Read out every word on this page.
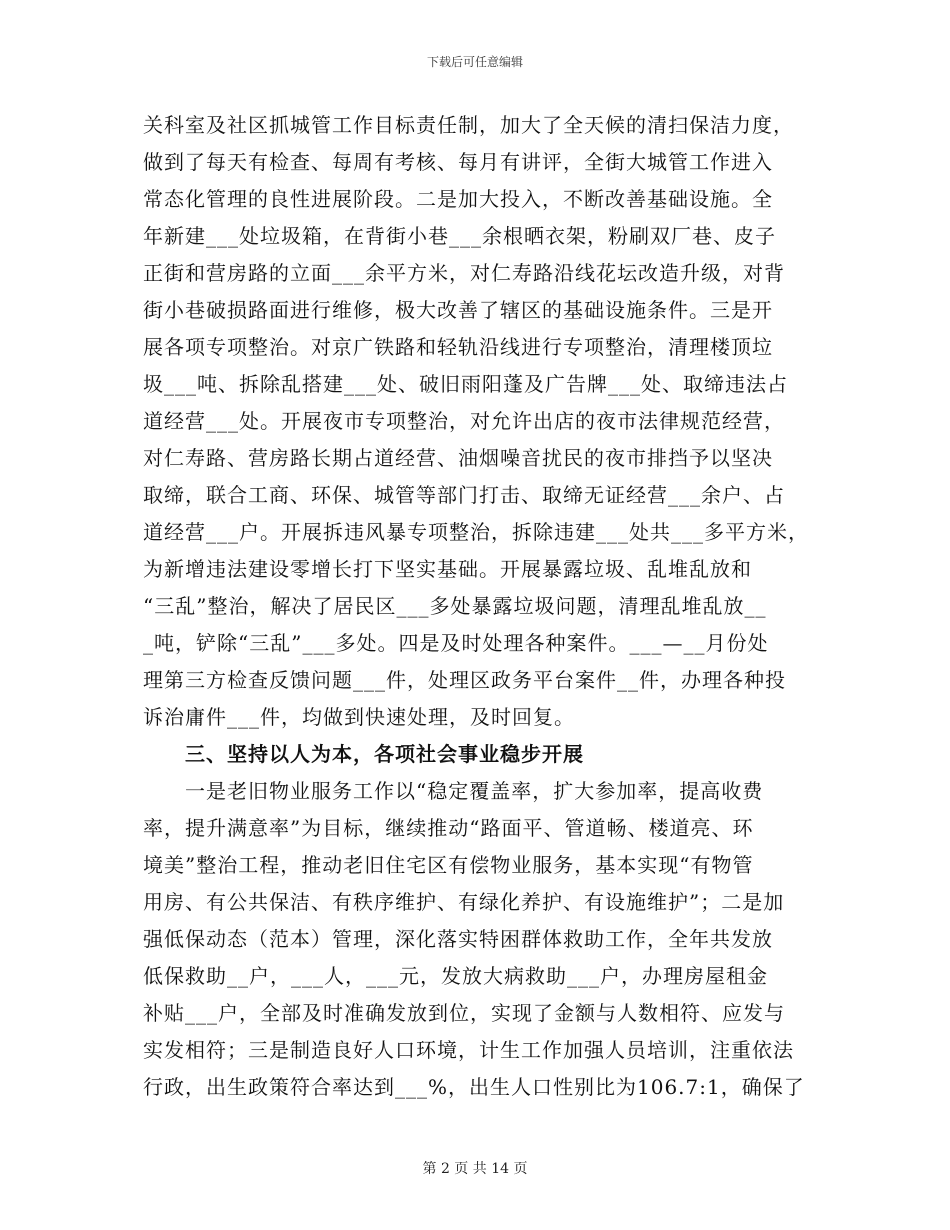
下载后可任意编辑
关科室及社区抓城管工作目标责任制，加大了全天候的清扫保洁力度，
做到了每天有检查、每周有考核、每月有讲评，全街大城管工作进入
常态化管理的良性进展阶段。二是加大投入，不断改善基础设施。全
年新建___处垃圾箱，在背街小巷___余根晒衣架，粉刷双厂巷、皮子
正街和营房路的立面___余平方米，对仁寿路沿线花坛改造升级，对背
街小巷破损路面进行维修，极大改善了辖区的基础设施条件。三是开
展各项专项整治。对京广铁路和轻轨沿线进行专项整治，清理楼顶垃
圾___吨、拆除乱搭建___处、破旧雨阳蓬及广告牌___处、取缔违法占
道经营___处。开展夜市专项整治，对允许出店的夜市法律规范经营，
对仁寿路、营房路长期占道经营、油烟噪音扰民的夜市排挡予以坚决
取缔，联合工商、环保、城管等部门打击、取缔无证经营___余户、占
道经营___户。开展拆违风暴专项整治，拆除违建___处共___多平方米，
为新增违法建设零增长打下坚实基础。开展暴露垃圾、乱堆乱放和
“三乱”整治，解决了居民区___多处暴露垃圾问题，清理乱堆乱放__
_吨，铲除“三乱”___多处。四是及时处理各种案件。___—__月份处
理第三方检查反馈问题___件，处理区政务平台案件__件，办理各种投
诉治庸件___件，均做到快速处理，及时回复。
三、坚持以人为本，各项社会事业稳步开展
一是老旧物业服务工作以“稳定覆盖率，扩大参加率，提高收费
率，提升满意率”为目标，继续推动“路面平、管道畅、楼道亮、环
境美”整治工程，推动老旧住宅区有偿物业服务，基本实现“有物管
用房、有公共保洁、有秩序维护、有绿化养护、有设施维护”；二是加
强低保动态（范本）管理，深化落实特困群体救助工作，全年共发放
低保救助__户，___人，___元，发放大病救助___户，办理房屋租金
补贴___户，全部及时准确发放到位，实现了金额与人数相符、应发与
实发相符；三是制造良好人口环境，计生工作加强人员培训，注重依法
行政，出生政策符合率达到___%，出生人口性别比为106.7:1，确保了
第 2 页 共 14 页
